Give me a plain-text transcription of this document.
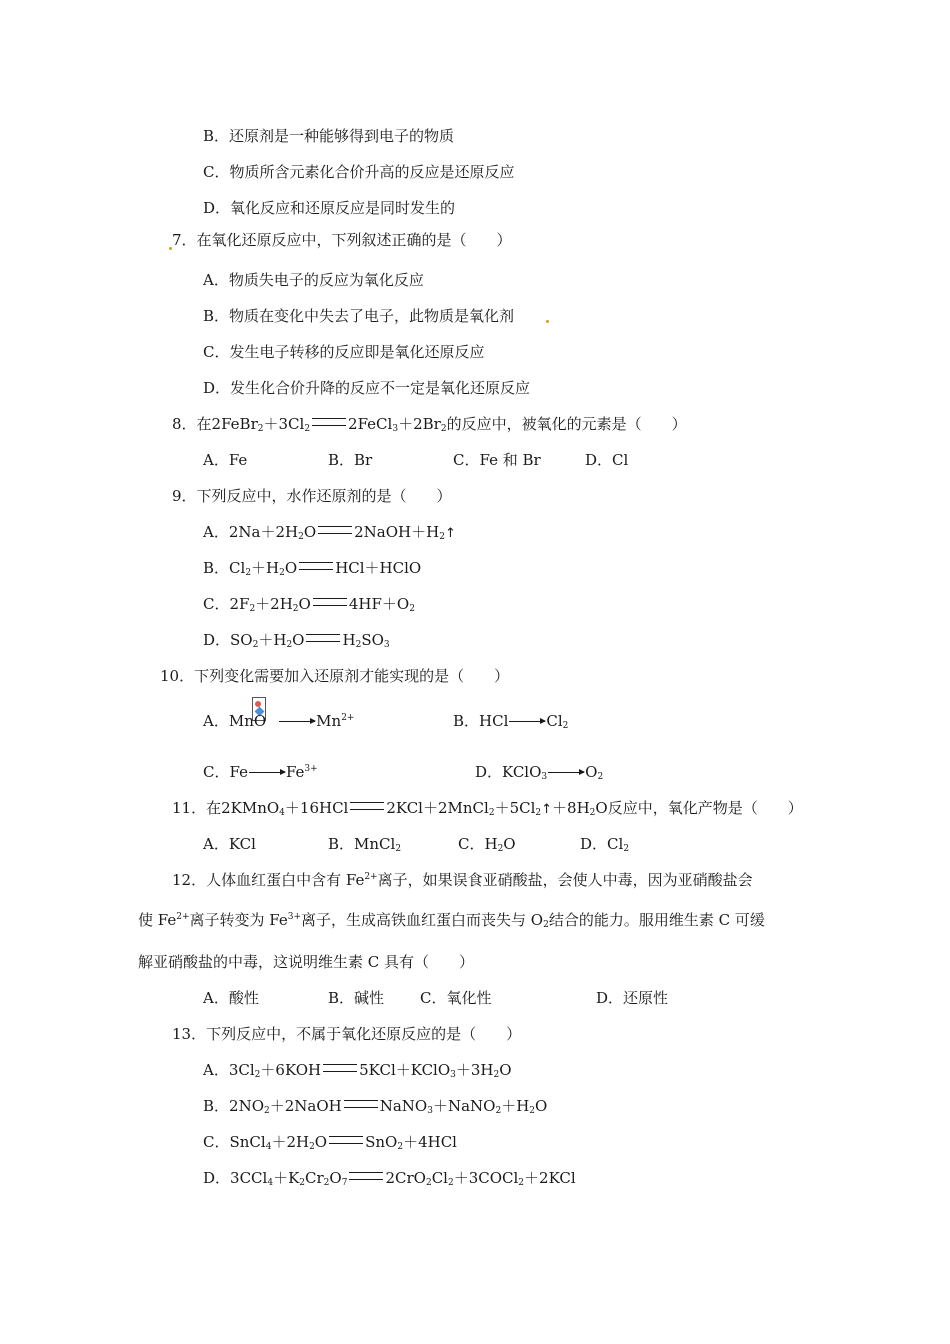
B．还原剂是一种能够得到电子的物质
C．物质所含元素化合价升高的反应是还原反应
D．氧化反应和还原反应是同时发生的
7．在氧化还原反应中，下列叙述正确的是（　　）
A．物质失电子的反应为氧化反应
B．物质在变化中失去了电子，此物质是氧化剂
C．发生电子转移的反应即是氧化还原反应
D．发生化合价升降的反应不一定是氧化还原反应
8．在$2FeBr_2+3Cl_2$	$2FeCl_3+2Br_2$的反应中，被氧化的元素是（　　）
A．Fe	B．Br	C．Fe 和 Br	D．Cl
9．下列反应中，水作还原剂的是（　　）
A．$2Na+2H_2O$	$2NaOH+H_2↑$
B．$Cl_2+H_2O$	HCl＋HClO
C．$2F_2+2H_2O$	$4HF+O_2$
D．$SO_2+H_2O$	$H_2SO_3$
10．下列变化需要加入还原剂才能实现的是（　　）
A．MnO	$Mn^{2+}$	B．HCl	$Cl_2$
C．Fe	$Fe^{3+}$	D．KClO$_3$	$O_2$
11．在2KMnO$_4$＋16HCl	$2KCl+2MnCl_2+5Cl_2↑+8H_2O$反应中，氧化产物是（　　）
A．KCl	B．MnCl$_2$	C．$H_2O$	D．$Cl_2$
12．人体血红蛋白中含有 $Fe^{2+}$离子，如果误食亚硝酸盐，会使人中毒，因为亚硝酸盐会
使 $Fe^{2+}$离子转变为 $Fe^{3+}$离子，生成高铁血红蛋白而丧失与 $O_2$结合的能力。服用维生素 C 可缓
解亚硝酸盐的中毒，这说明维生素 C 具有（　　）
A．酸性	B．碱性 C．氧化性	D．还原性
13．下列反应中，不属于氧化还原反应的是（　　）
A．$3Cl_2+6KOH$	$5KCl+KClO_3+3H_2O$
B．$2NO_2+2NaOH$	$NaNO_3+NaNO_2+H_2O$
C．$SnCl_4+2H_2O$	SnO$_2$＋4HCl
D．$3CCl_4+K_2Cr_2O_7$	$2CrO_2Cl_2+3COCl_2+2KCl$
